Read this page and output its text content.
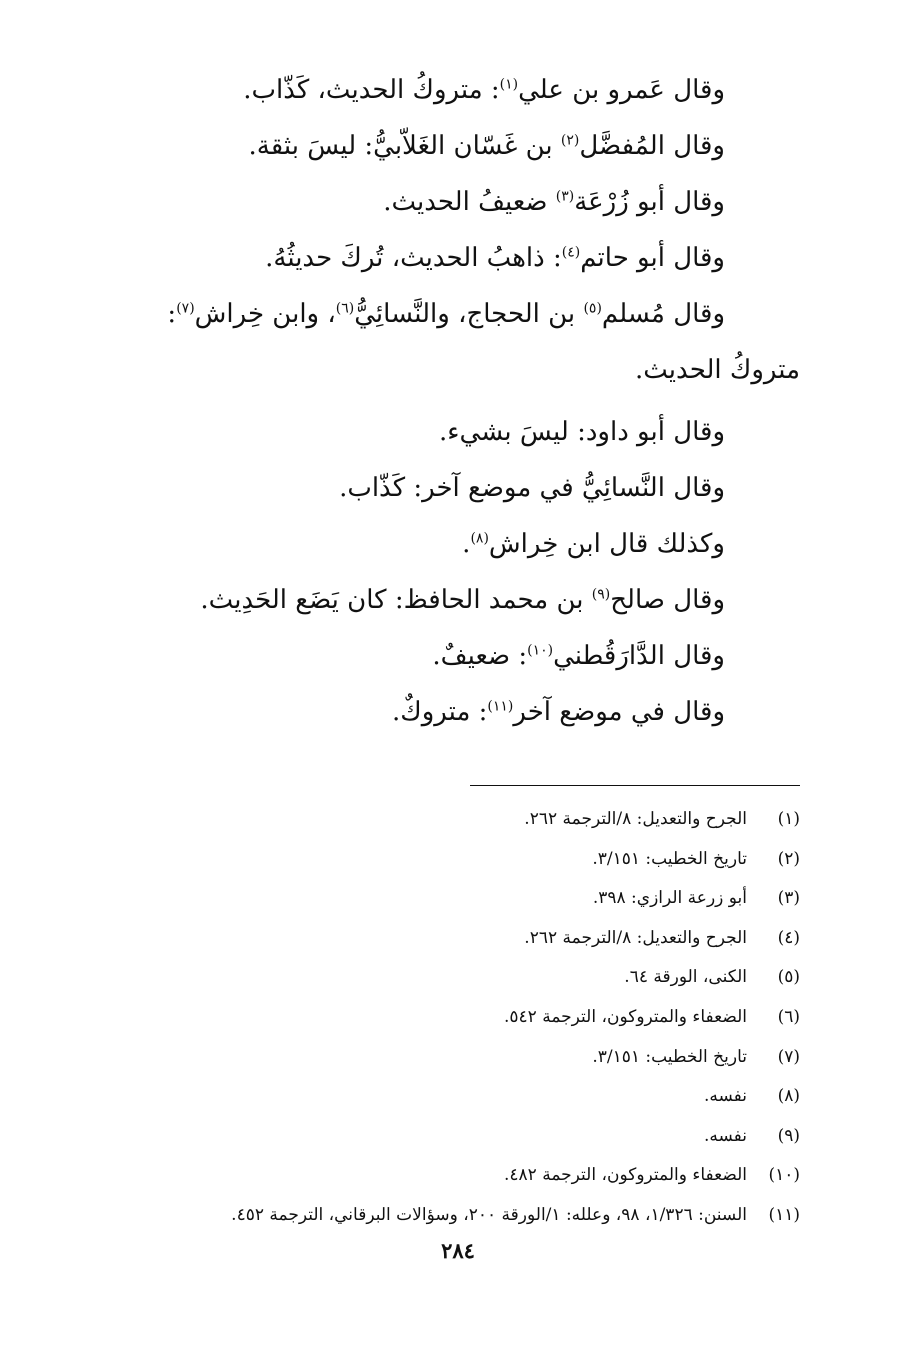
وقال عَمرو بن علي$^{(١)}$: متروكُ الحديث، كَذّاب.
وقال المُفضَّل$^{(٢)}$ بن غَسّان الغَلاّبيُّ: ليسَ بثقة.
وقال أبو زُرْعَة$^{(٣)}$ ضعيفُ الحديث.
وقال أبو حاتم$^{(٤)}$: ذاهبُ الحديث، تُركَ حديثُهُ.
وقال مُسلم$^{(٥)}$ بن الحجاج، والنَّسائِيُّ$^{(٦)}$، وابن خِراش$^{(٧)}$:
متروكُ الحديث.
وقال أبو داود: ليسَ بشيء.
وقال النَّسائِيُّ في موضع آخر: كَذّاب.
وكذلك قال ابن خِراش$^{(٨)}$.
وقال صالح$^{(٩)}$ بن محمد الحافظ: كان يَضَع الحَدِيث.
وقال الدَّارَقُطني$^{(١٠)}$: ضعيفٌ.
وقال في موضع آخر$^{(١١)}$: متروكٌ.
(١)الجرح والتعديل: ٨/الترجمة ٢٦٢.
(٢)تاريخ الخطيب: ٣/١٥١.
(٣)أبو زرعة الرازي: ٣٩٨.
(٤)الجرح والتعديل: ٨/الترجمة ٢٦٢.
(٥)الكنى، الورقة ٦٤.
(٦)الضعفاء والمتروكون، الترجمة ٥٤٢.
(٧)تاريخ الخطيب: ٣/١٥١.
(٨)نفسه.
(٩)نفسه.
(١٠)الضعفاء والمتروكون، الترجمة ٤٨٢.
(١١)السنن: ١/٣٢٦، ٩٨، وعلله: ١/الورقة ٢٠٠، وسؤالات البرقاني، الترجمة ٤٥٢.
٢٨٤
